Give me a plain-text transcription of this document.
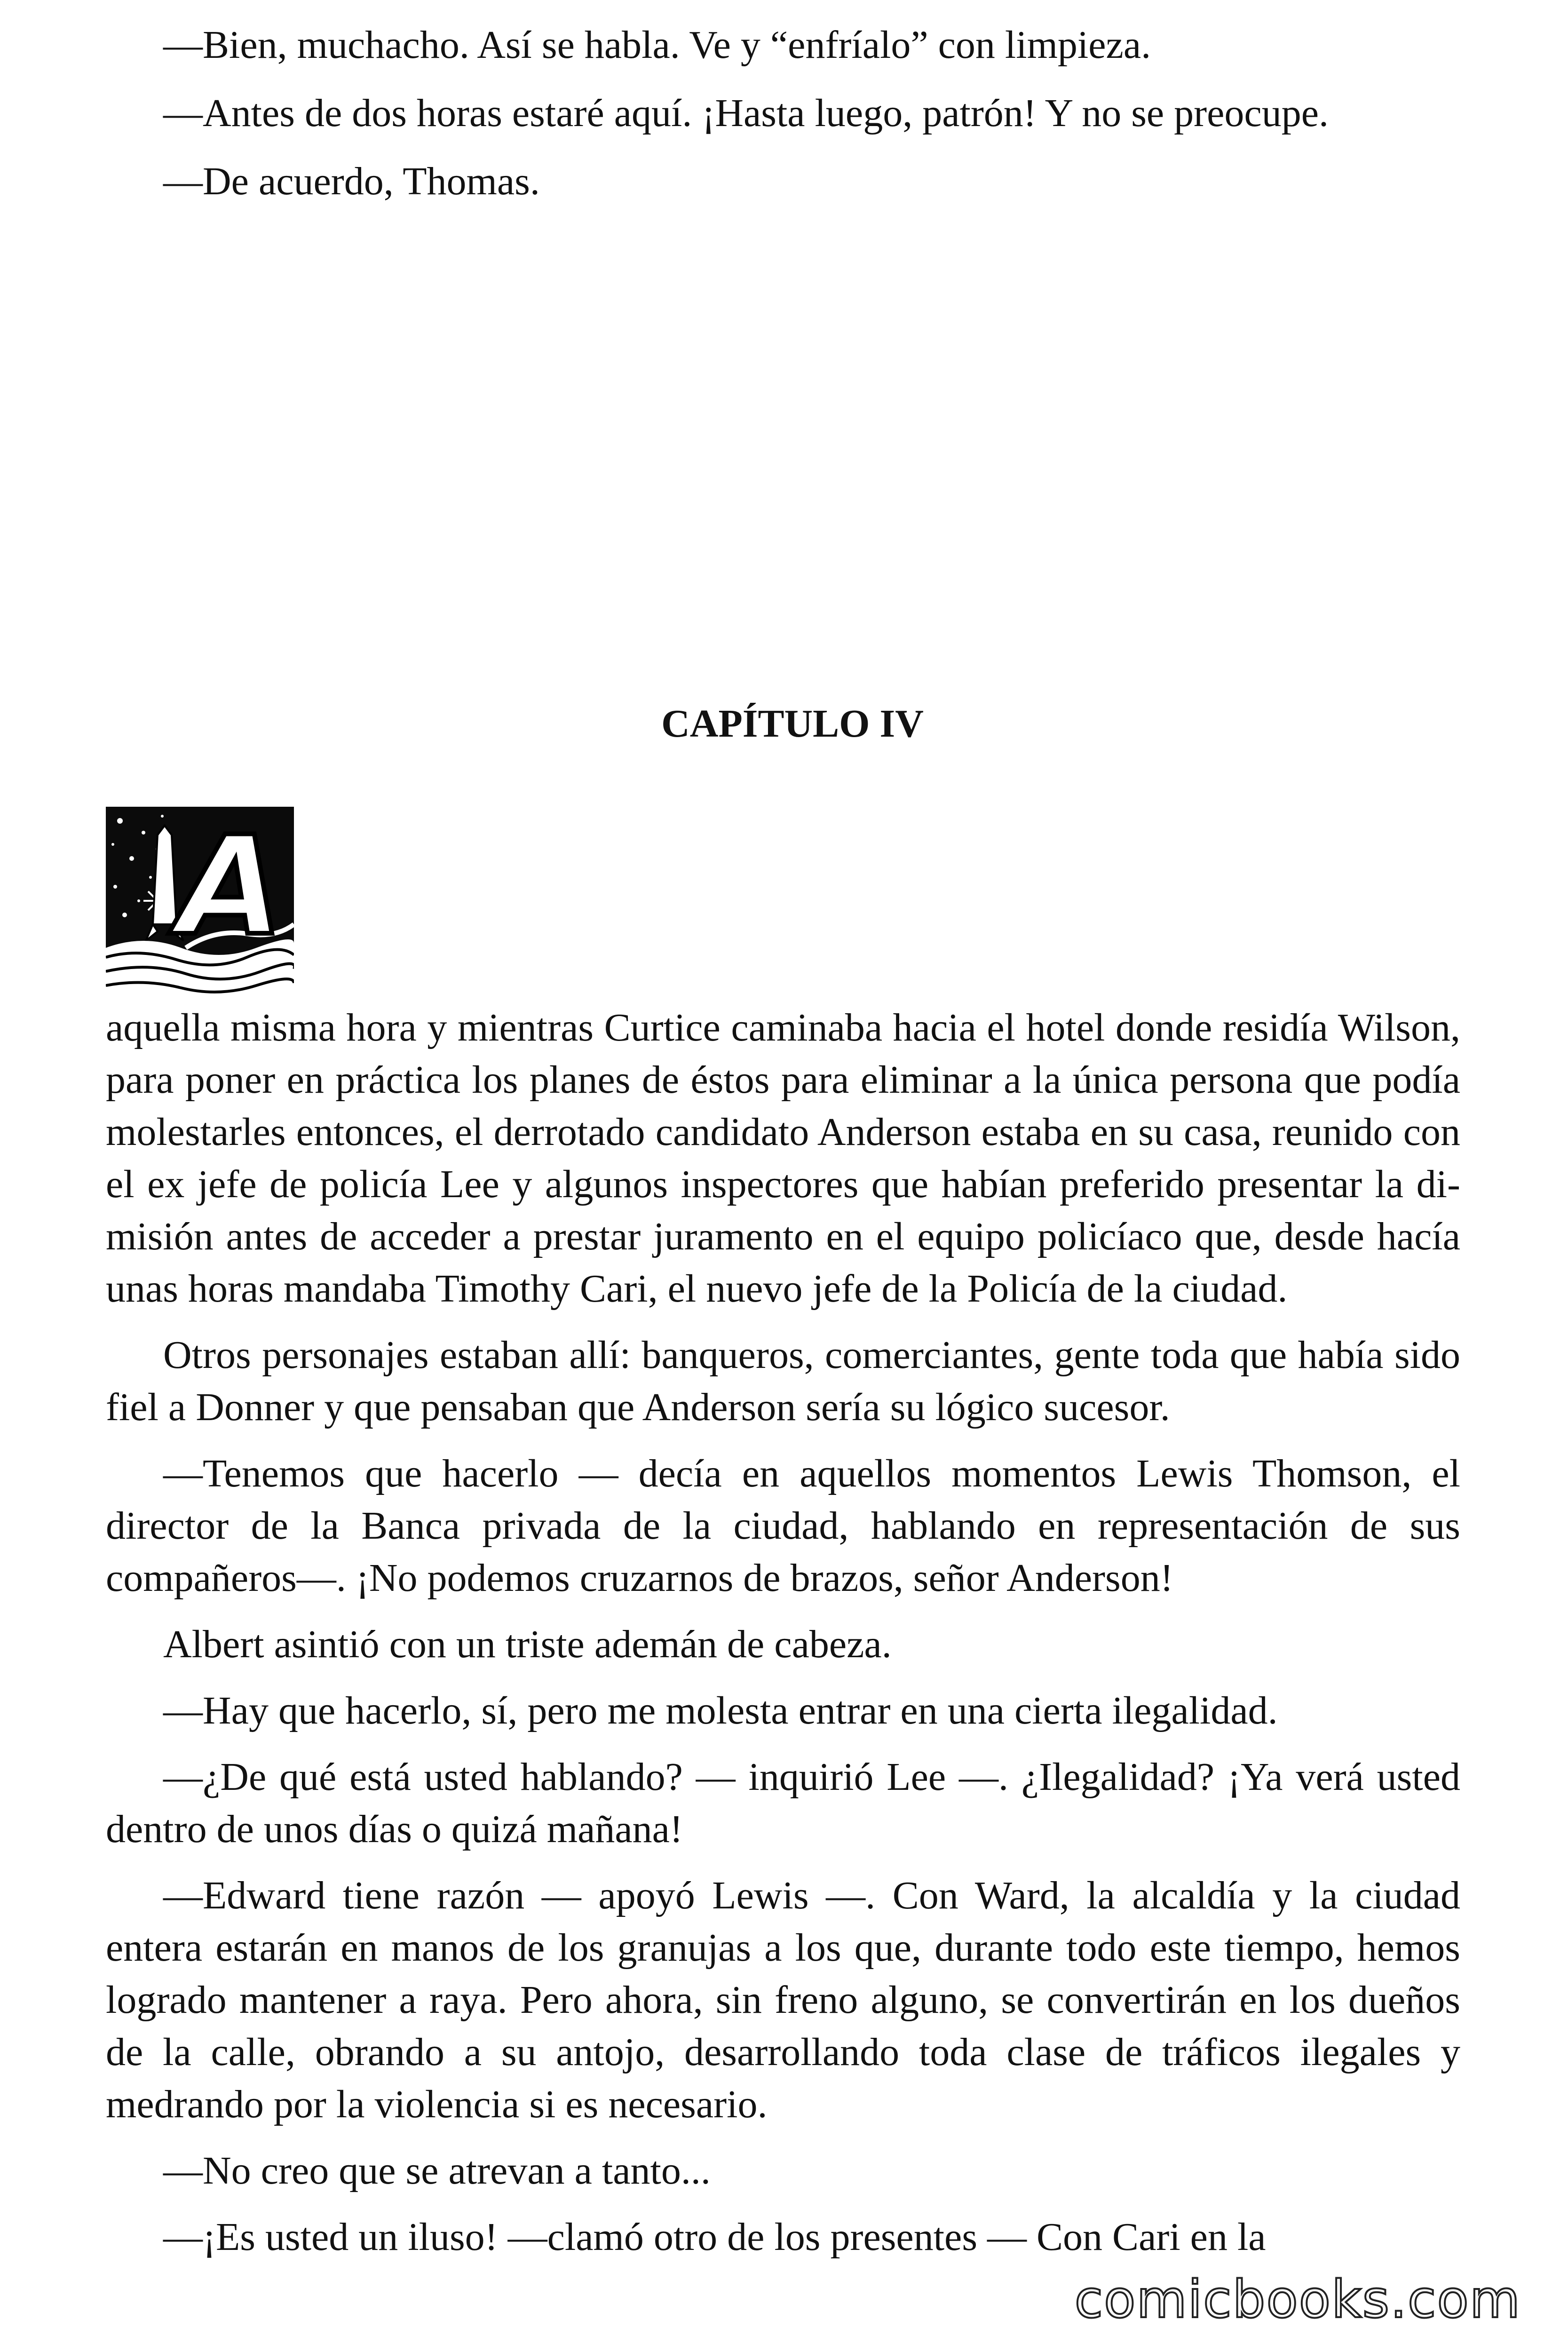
—Bien, muchacho. Así se habla. Ve y “enfríalo” con limpieza.

—Antes de dos horas estaré aquí. ¡Hasta luego, patrón! Y no se preocupe.

—De acuerdo, Thomas.

CAPÍTULO IV
A

aquella misma hora y mientras Curtice caminaba hacia el hotel donde residía Wilson, para poner en práctica los planes de éstos para eliminar a la única persona que podía molestarles entonces, el derrotado candidato Anderson estaba en su casa, reunido con el ex jefe de policía Lee y algunos inspectores que habían preferido presentar la di-misión antes de acceder a prestar juramento en el equipo policíaco que, desde hacía unas horas mandaba Timothy Cari, el nuevo jefe de la Policía de la ciudad.

Otros personajes estaban allí: banqueros, comerciantes, gente toda que había sido fiel a Donner y que pensaban que Anderson sería su lógico sucesor.

—Tenemos que hacerlo — decía en aquellos momentos Lewis Thomson, el director de la Banca privada de la ciudad, hablando en representación de sus compañeros—. ¡No podemos cruzarnos de brazos, señor Anderson!

Albert asintió con un triste ademán de cabeza.

—Hay que hacerlo, sí, pero me molesta entrar en una cierta ilegalidad.

—¿De qué está usted hablando? — inquirió Lee —. ¿Ilegalidad? ¡Ya verá usted dentro de unos días o quizá mañana!

—Edward tiene razón — apoyó Lewis —. Con Ward, la alcaldía y la ciudad entera estarán en manos de los granujas a los que, durante todo este tiempo, hemos logrado mantener a raya. Pero ahora, sin freno alguno, se convertirán en los dueños de la calle, obrando a su antojo, desarrollando toda clase de tráficos ilegales y medrando por la violencia si es necesario.

—No creo que se atrevan a tanto...

—¡Es usted un iluso! —clamó otro de los presentes — Con Cari en la

comicbooks.com
